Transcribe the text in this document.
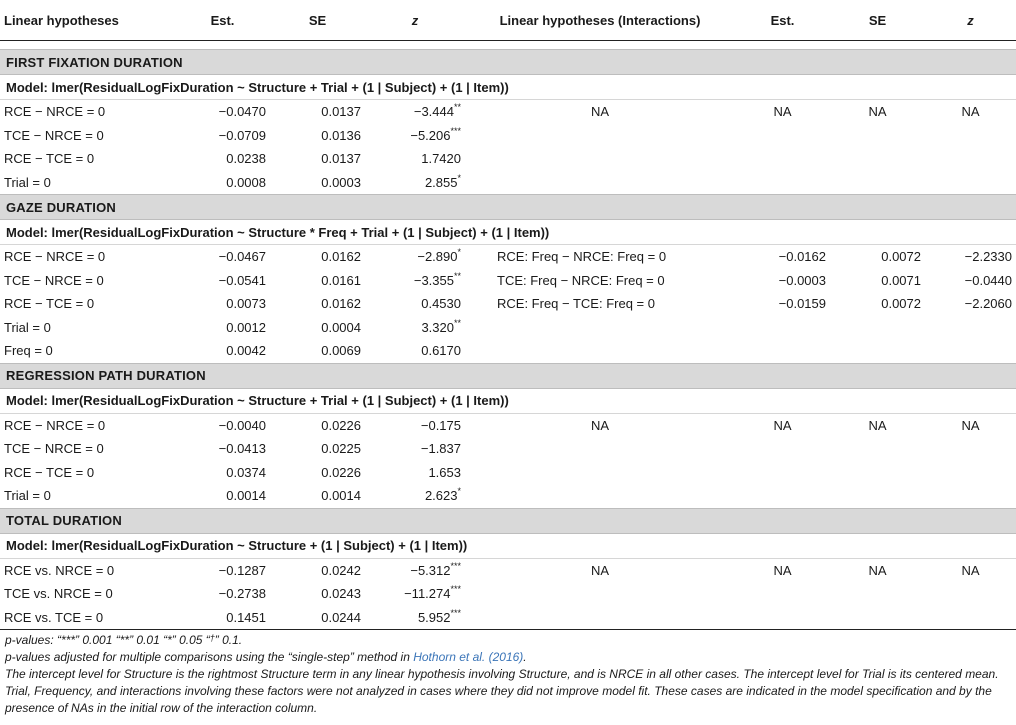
Linear hypotheses	Est.	SE	z	Linear hypotheses (Interactions)	Est.	SE	z

FIRST FIXATION DURATION							
Model: lmer(ResidualLogFixDuration ~ Structure + Trial + (1 | Subject) + (1 | Item))							
RCE − NRCE = 0	−0.0470	0.0137	−3.444**	NA	NA	NA	NA
TCE − NRCE = 0	−0.0709	0.0136	−5.206***				
RCE − TCE = 0	0.0238	0.0137	1.7420				
Trial = 0	0.0008	0.0003	2.855*				
GAZE DURATION							
Model: lmer(ResidualLogFixDuration ~ Structure * Freq + Trial + (1 | Subject) + (1 | Item))							
RCE − NRCE = 0	−0.0467	0.0162	−2.890*	RCE: Freq − NRCE: Freq = 0	−0.0162	0.0072	−2.2330
TCE − NRCE = 0	−0.0541	0.0161	−3.355**	TCE: Freq − NRCE: Freq = 0	−0.0003	0.0071	−0.0440
RCE − TCE = 0	0.0073	0.0162	0.4530	RCE: Freq − TCE: Freq = 0	−0.0159	0.0072	−2.2060
Trial = 0	0.0012	0.0004	3.320**				
Freq = 0	0.0042	0.0069	0.6170				
REGRESSION PATH DURATION							
Model: lmer(ResidualLogFixDuration ~ Structure + Trial + (1 | Subject) + (1 | Item))							
RCE − NRCE = 0	−0.0040	0.0226	−0.175	NA	NA	NA	NA
TCE − NRCE = 0	−0.0413	0.0225	−1.837				
RCE − TCE = 0	0.0374	0.0226	1.653				
Trial = 0	0.0014	0.0014	2.623*				
TOTAL DURATION							
Model: lmer(ResidualLogFixDuration ~ Structure + (1 | Subject) + (1 | Item))							
RCE vs. NRCE = 0	−0.1287	0.0242	−5.312***	NA	NA	NA	NA
TCE vs. NRCE = 0	−0.2738	0.0243	−11.274***				
RCE vs. TCE = 0	0.1451	0.0244	5.952***				

p-values: “***” 0.001 “**” 0.01 “*” 0.05 “†” 0.1.

p-values adjusted for multiple comparisons using the “single-step” method in Hothorn et al. (2016).

The intercept level for Structure is the rightmost Structure term in any linear hypothesis involving Structure, and is NRCE in all other cases. The intercept level for Trial is its centered mean. Trial, Frequency, and interactions involving these factors were not analyzed in cases where they did not improve model fit. These cases are indicated in the model specification and by the presence of NAs in the initial row of the interaction column.
